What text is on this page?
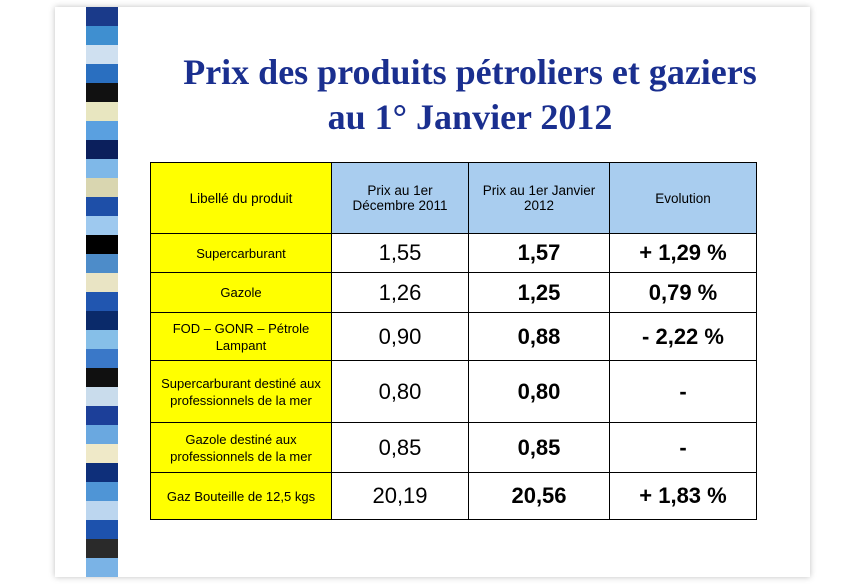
Prix des produits pétroliers et gaziers
au 1° Janvier 2012
Libellé du produit	Prix au 1er Décembre 2011	Prix au 1er Janvier 2012	Evolution
Supercarburant	1,55	1,57	+ 1,29 %
Gazole	1,26	1,25	0,79 %
FOD – GONR – Pétrole Lampant	0,90	0,88	- 2,22 %
Supercarburant destiné aux professionnels de la mer	0,80	0,80	-
Gazole destiné aux professionnels de la mer	0,85	0,85	-
Gaz Bouteille de 12,5 kgs	20,19	20,56	+ 1,83 %
